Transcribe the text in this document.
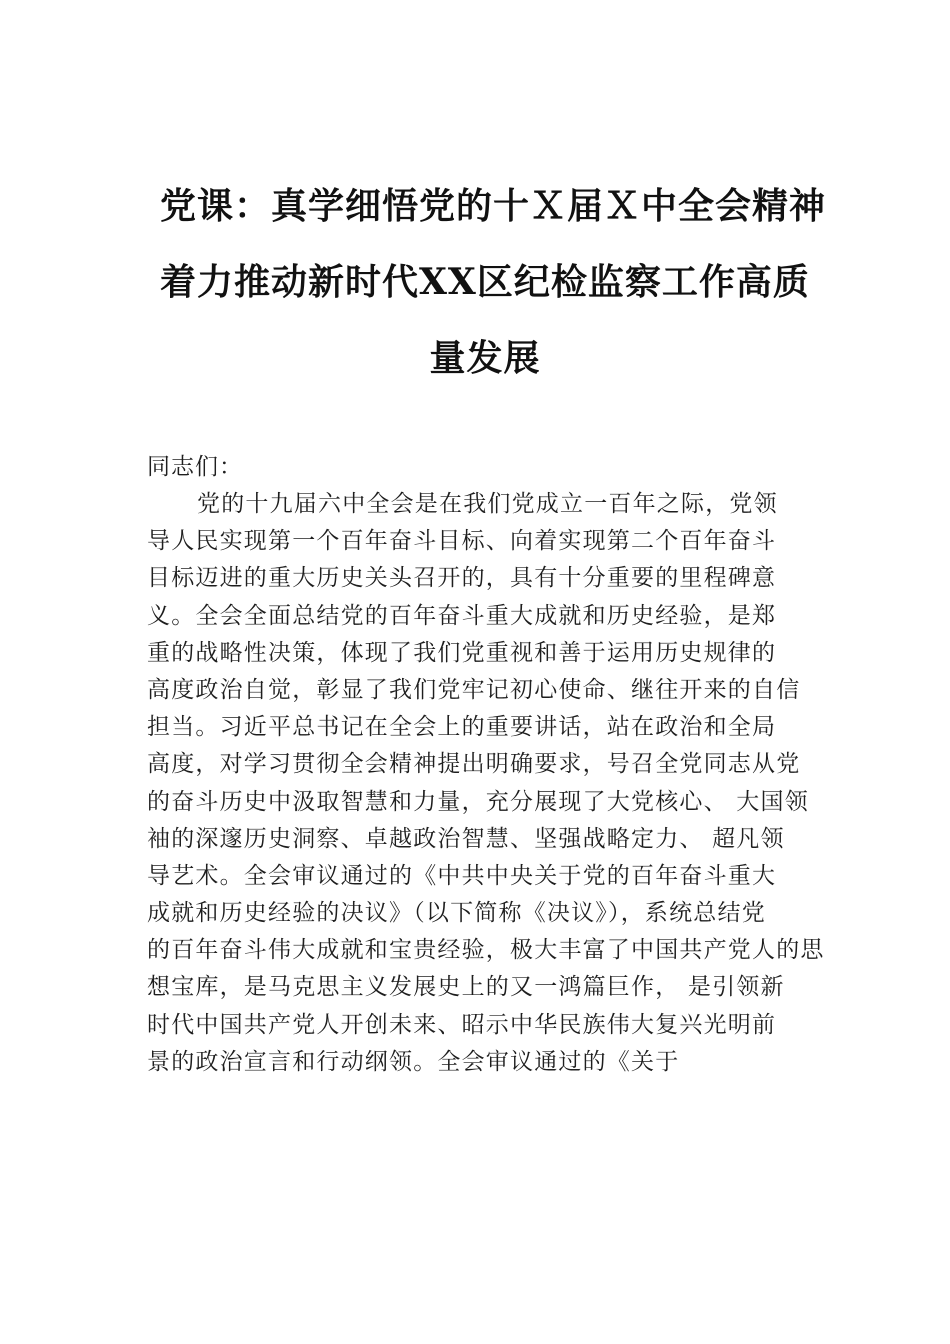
党课：真学细悟党的十Ｘ届Ｘ中全会精神
着力推动新时代XX区纪检监察工作高质
量发展
同志们：
党的十九届六中全会是在我们党成立一百年之际，党领
导人民实现第一个百年奋斗目标、向着实现第二个百年奋斗
目标迈进的重大历史关头召开的，具有十分重要的里程碑意
义。全会全面总结党的百年奋斗重大成就和历史经验，是郑
重的战略性决策，体现了我们党重视和善于运用历史规律的
高度政治自觉，彰显了我们党牢记初心使命、继往开来的自信
担当。习近平总书记在全会上的重要讲话，站在政治和全局
高度，对学习贯彻全会精神提出明确要求，号召全党同志从党
的奋斗历史中汲取智慧和力量，充分展现了大党核心、 大国领
袖的深邃历史洞察、卓越政治智慧、坚强战略定力、 超凡领
导艺术。全会审议通过的《中共中央关于党的百年奋斗重大
成就和历史经验的决议》（以下简称《决议》），系统总结党
的百年奋斗伟大成就和宝贵经验，极大丰富了中国共产党人的思
想宝库，是马克思主义发展史上的又一鸿篇巨作， 是引领新
时代中国共产党人开创未来、昭示中华民族伟大复兴光明前
景的政治宣言和行动纲领。全会审议通过的《关于
